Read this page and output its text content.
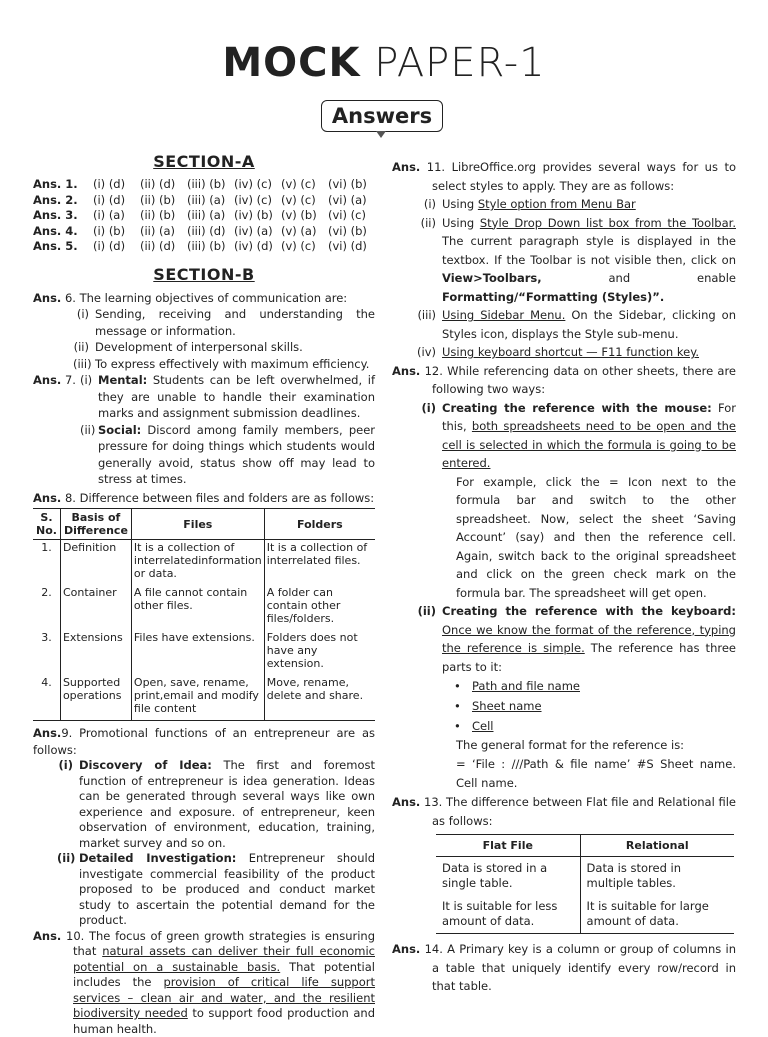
MOCK PAPER-1
Answers
SECTION-A
Ans. 1.	(i) (d)	(ii) (d)	(iii) (b) (iv) (c) (v) (c)	(vi) (b)
Ans. 2.	(i) (d)	(ii) (b)	(iii) (a) (iv) (c) (v) (c)	(vi) (a)
Ans. 3.	(i) (a)	(ii) (b)	(iii) (a) (iv) (b) (v) (b) (vi) (c)
Ans. 4.	(i) (b)	(ii) (a)	(iii) (d) (iv) (a) (v) (a)	(vi) (b)
Ans. 5.	(i) (d)	(ii) (d)	(iii) (b) (iv) (d) (v) (c)	(vi) (d)
SECTION-B
Ans. 6. The learning objectives of communication are:
(i) Sending, receiving and understanding the message or information.
(ii) Development of interpersonal skills.
(iii) To express effectively with maximum efficiency.
Ans. 7. (i) Mental: Students can be left overwhelmed, if they are unable to handle their examination marks and assignment submission deadlines.
(ii) Social: Discord among family members, peer pressure for doing things which students would generally avoid, status show off may lead to stress at times.
Ans. 8. Difference between files and folders are as follows:
S. No.	Basis of Difference	Files	Folders
1.	Definition	It is a collection of interrelatedinformation or data.	It is a collection of interrelated files.
2.	Container	A file cannot contain other files.	A folder can contain other files/folders.
3.	Extensions	Files have extensions.	Folders does not have any extension.
4.	Supported operations	Open, save, rename, print,email and modify file content	Move, rename, delete and share.
Ans.9. Promotional functions of an entrepreneur are as follows:
(i) Discovery of Idea: The first and foremost function of entrepreneur is idea generation. Ideas can be generated through several ways like own experience and exposure. of entrepreneur, keen observation of environment, education, training, market survey and so on.
(ii) Detailed Investigation: Entrepreneur should investigate commercial feasibility of the product proposed to be produced and conduct market study to ascertain the potential demand for the product.
Ans. 10. The focus of green growth strategies is ensuring that natural assets can deliver their full economic potential on a sustainable basis. That potential includes the provision of critical life support services – clean air and water, and the resilient biodiversity needed to support food production and human health.
Ans. 11. LibreOffice.org provides several ways for us to select styles to apply. They are as follows:
(i) Using Style option from Menu Bar
(ii) Using Style Drop Down list box from the Toolbar. The current paragraph style is displayed in the textbox. If the Toolbar is not visible then, click on View>Toolbars, and enable Formatting/“Formatting (Styles)”.
(iii) Using Sidebar Menu. On the Sidebar, clicking on Styles icon, displays the Style sub-menu.
(iv) Using keyboard shortcut — F11 function key.
Ans. 12. While referencing data on other sheets, there are following two ways:
(i) Creating the reference with the mouse: For this, both spreadsheets need to be open and the cell is selected in which the formula is going to be entered.
For example, click the = Icon next to the formula bar and switch to the other spreadsheet. Now, select the sheet ‘Saving Account’ (say) and then the reference cell. Again, switch back to the original spreadsheet and click on the green check mark on the formula bar. The spreadsheet will get open.
(ii) Creating the reference with the keyboard: Once we know the format of the reference, typing the reference is simple. The reference has three parts to it:
• Path and file name
• Sheet name
• Cell
The general format for the reference is:
= ‘File : ///Path & file name’ #S Sheet name. Cell name.
Ans. 13. The difference between Flat file and Relational file as follows:
Flat File	Relational
Data is stored in a single table.	Data is stored in multiple tables.
It is suitable for less amount of data.	It is suitable for large amount of data.
Ans. 14. A Primary key is a column or group of columns in a table that uniquely identify every row/record in that table.
